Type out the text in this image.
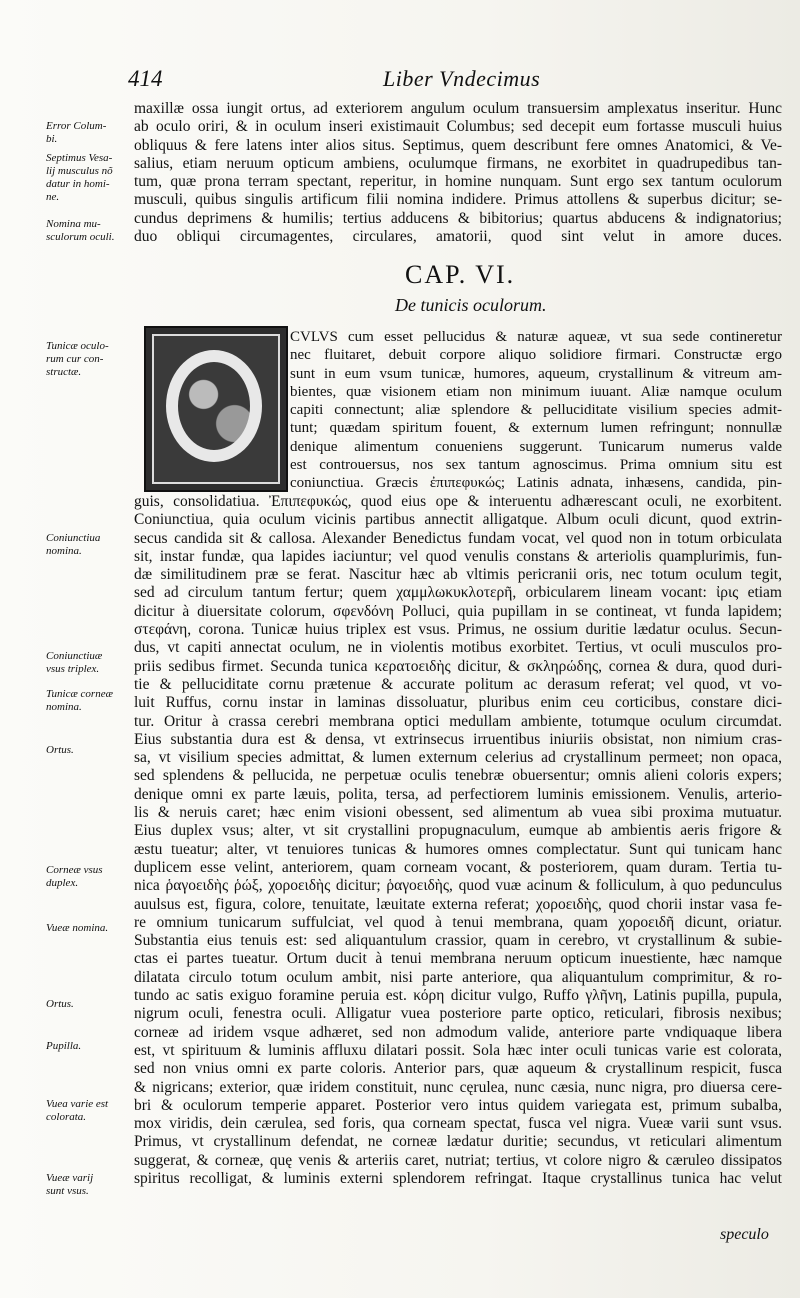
414	Liber Vndecimus
Error Colum-
bi.
Septimus Vesa-
lij musculus nõ
datur in homi-
ne.
Nomina mu-
sculorum oculi.
Tunicæ oculo-
rum cur con-
structæ.
Coniunctiua
nomina.
Coniunctiuæ
vsus triplex.
Tunicæ corneæ
nomina.
Ortus.
Corneæ vsus
duplex.
Vueæ nomina.
Ortus.
Pupilla.
Vuea varie est
colorata.
Vueæ varij
sunt vsus.
maxillæ ossa iungit ortus, ad exteriorem angulum oculum transuersim amplexatus inseritur. Hunc
ab oculo oriri, & in oculum inseri existimauit Columbus; sed decepit eum fortasse musculi huius
obliquus & fere latens inter alios situs. Septimus, quem describunt fere omnes Anatomici, & Ve-
salius, etiam neruum opticum ambiens, oculumque firmans, ne exorbitet in quadrupedibus tan-
tum, quæ prona terram spectant, reperitur, in homine nunquam. Sunt ergo sex tantum oculorum
musculi, quibus singulis artificum filii nomina indidere. Primus attollens & superbus dicitur; se-
cundus deprimens & humilis; tertius adducens & bibitorius; quartus abducens & indignatorius;
duo obliqui circumagentes, circulares, amatorii, quod sint velut in amore duces.
CAP. VI.
De tunicis oculorum.
CVLVS cum esset pellucidus & naturæ aqueæ, vt sua sede contineretur
nec fluitaret, debuit corpore aliquo solidiore firmari. Constructæ ergo
sunt in eum vsum tunicæ, humores, aqueum, crystallinum & vitreum am-
bientes, quæ visionem etiam non minimum iuuant. Aliæ namque oculum
capiti connectunt; aliæ splendore & pelluciditate visilium species admit-
tunt; quædam spiritum fouent, & externum lumen refringunt; nonnullæ
denique alimentum conueniens suggerunt. Tunicarum numerus valde
est controuersus, nos sex tantum agnoscimus. Prima omnium situ est
coniunctiua. Græcis ἐπιπεφυκώς; Latinis adnata, inhæsens, candida, pin-
guis, consolidatiua. Ἐπιπεφυκώς, quod eius ope & interuentu adhærescant oculi, ne exorbitent.
Coniunctiua, quia oculum vicinis partibus annectit alligatque. Album oculi dicunt, quod extrin-
secus candida sit & callosa. Alexander Benedictus fundam vocat, vel quod non in totum orbiculata
sit, instar fundæ, qua lapides iaciuntur; vel quod venulis constans & arteriolis quamplurimis, fun-
dæ similitudinem præ se ferat. Nascitur hæc ab vltimis pericranii oris, nec totum oculum tegit,
sed ad circulum tantum fertur; quem χαμμλωκυκλοτερῆ, orbicularem lineam vocant: ἰρις etiam
dicitur à diuersitate colorum, σφενδόνη Polluci, quia pupillam in se contineat, vt funda lapidem;
στεφάνη, corona. Tunicæ huius triplex est vsus. Primus, ne ossium duritie lædatur oculus. Secun-
dus, vt capiti annectat oculum, ne in violentis motibus exorbitet. Tertius, vt oculi musculos pro-
priis sedibus firmet. Secunda tunica κερατοειδὴς dicitur, & σκληρώδης, cornea & dura, quod duri-
tie & pelluciditate cornu prætenue & accurate politum ac derasum referat; vel quod, vt vo-
luit Ruffus, cornu instar in laminas dissoluatur, pluribus enim ceu corticibus, constare dici-
tur. Oritur à crassa cerebri membrana optici medullam ambiente, totumque oculum circumdat.
Eius substantia dura est & densa, vt extrinsecus irruentibus iniuriis obsistat, non nimium cras-
sa, vt visilium species admittat, & lumen externum celerius ad crystallinum permeet; non opaca,
sed splendens & pellucida, ne perpetuæ oculis tenebræ obuersentur; omnis alieni coloris expers;
denique omni ex parte læuis, polita, tersa, ad perfectiorem luminis emissionem. Venulis, arterio-
lis & neruis caret; hæc enim visioni obessent, sed alimentum ab vuea sibi proxima mutuatur.
Eius duplex vsus; alter, vt sit crystallini propugnaculum, eumque ab ambientis aeris frigore &
æstu tueatur; alter, vt tenuiores tunicas & humores omnes complectatur. Sunt qui tunicam hanc
duplicem esse velint, anteriorem, quam corneam vocant, & posteriorem, quam duram. Tertia tu-
nica ῥαγοειδὴς ῥώξ, χοροειδὴς dicitur; ῥαγοειδὴς, quod vuæ acinum & folliculum, à quo pedunculus
auulsus est, figura, colore, tenuitate, læuitate externa referat; χοροειδὴς, quod chorii instar vasa fe-
re omnium tunicarum suffulciat, vel quod à tenui membrana, quam χοροειδῆ dicunt, oriatur.
Substantia eius tenuis est: sed aliquantulum crassior, quam in cerebro, vt crystallinum & subie-
ctas ei partes tueatur. Ortum ducit à tenui membrana neruum opticum inuestiente, hæc namque
dilatata circulo totum oculum ambit, nisi parte anteriore, qua aliquantulum comprimitur, & ro-
tundo ac satis exiguo foramine peruia est. κόρη dicitur vulgo, Ruffo γλῆνη, Latinis pupilla, pupula,
nigrum oculi, fenestra oculi. Alligatur vuea posteriore parte optico, reticulari, fibrosis nexibus;
corneæ ad iridem vsque adhæret, sed non admodum valide, anteriore parte vndiquaque libera
est, vt spirituum & luminis affluxu dilatari possit. Sola hæc inter oculi tunicas varie est colorata,
sed non vnius omni ex parte coloris. Anterior pars, quæ aqueum & crystallinum respicit, fusca
& nigricans; exterior, quæ iridem constituit, nunc cęrulea, nunc cæsia, nunc nigra, pro diuersa cere-
bri & oculorum temperie apparet. Posterior vero intus quidem variegata est, primum subalba,
mox viridis, dein cærulea, sed foris, qua corneam spectat, fusca vel nigra. Vueæ varii sunt vsus.
Primus, vt crystallinum defendat, ne corneæ lædatur duritie; secundus, vt reticulari alimentum
suggerat, & corneæ, quę venis & arteriis caret, nutriat; tertius, vt colore nigro & cæruleo dissipatos
spiritus recolligat, & luminis externi splendorem refringat. Itaque crystallinus tunica hac velut
speculo
